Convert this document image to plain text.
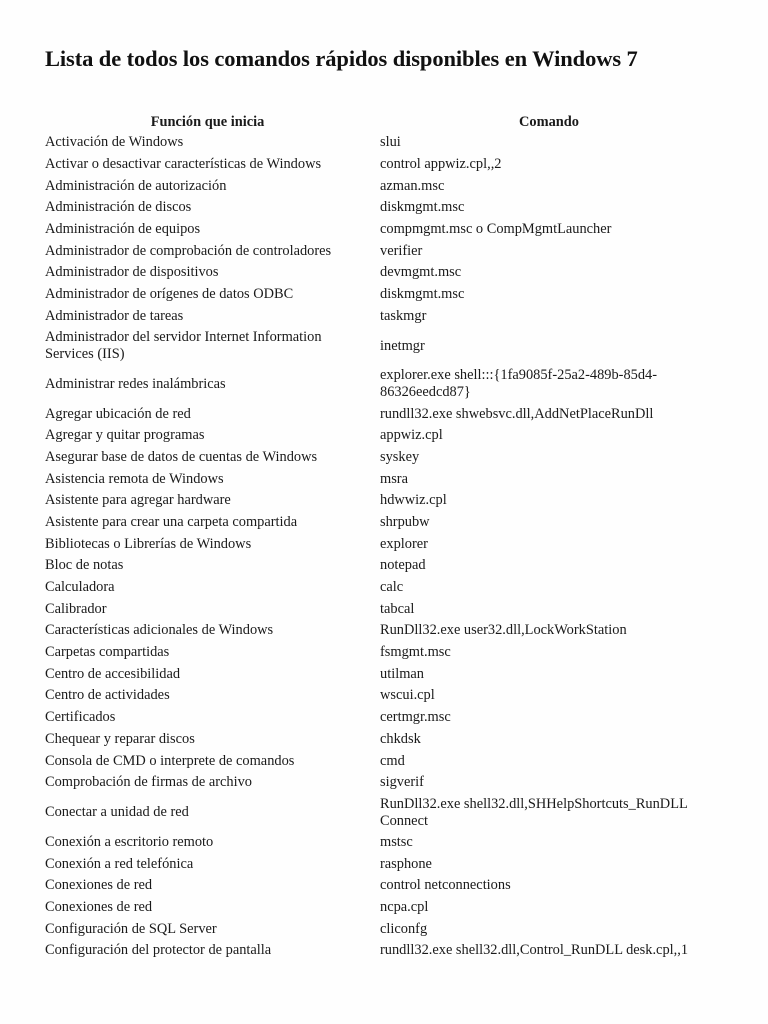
Lista de todos los comandos rápidos disponibles en Windows 7
Función que inicia	Comando
Activación de Windows	slui
Activar o desactivar características de Windows	control appwiz.cpl,,2
Administración de autorización	azman.msc
Administración de discos	diskmgmt.msc
Administración de equipos	compmgmt.msc o CompMgmtLauncher
Administrador de comprobación de controladores	verifier
Administrador de dispositivos	devmgmt.msc
Administrador de orígenes de datos ODBC	diskmgmt.msc
Administrador de tareas	taskmgr
Administrador del servidor Internet Information Services (IIS)	inetmgr
Administrar redes inalámbricas	explorer.exe shell:::{1fa9085f-25a2-489b-85d4-86326eedcd87}
Agregar ubicación de red	rundll32.exe shwebsvc.dll,AddNetPlaceRunDll
Agregar y quitar programas	appwiz.cpl
Asegurar base de datos de cuentas de Windows	syskey
Asistencia remota de Windows	msra
Asistente para agregar hardware	hdwwiz.cpl
Asistente para crear una carpeta compartida	shrpubw
Bibliotecas o Librerías de Windows	explorer
Bloc de notas	notepad
Calculadora	calc
Calibrador	tabcal
Características adicionales de Windows	RunDll32.exe user32.dll,LockWorkStation
Carpetas compartidas	fsmgmt.msc
Centro de accesibilidad	utilman
Centro de actividades	wscui.cpl
Certificados	certmgr.msc
Chequear y reparar discos	chkdsk
Consola de CMD o interprete de comandos	cmd
Comprobación de firmas de archivo	sigverif
Conectar a unidad de red	RunDll32.exe shell32.dll,SHHelpShortcuts_RunDLL Connect
Conexión a escritorio remoto	mstsc
Conexión a red telefónica	rasphone
Conexiones de red	control netconnections
Conexiones de red	ncpa.cpl
Configuración de SQL Server	cliconfg
Configuración del protector de pantalla	rundll32.exe shell32.dll,Control_RunDLL desk.cpl,,1
